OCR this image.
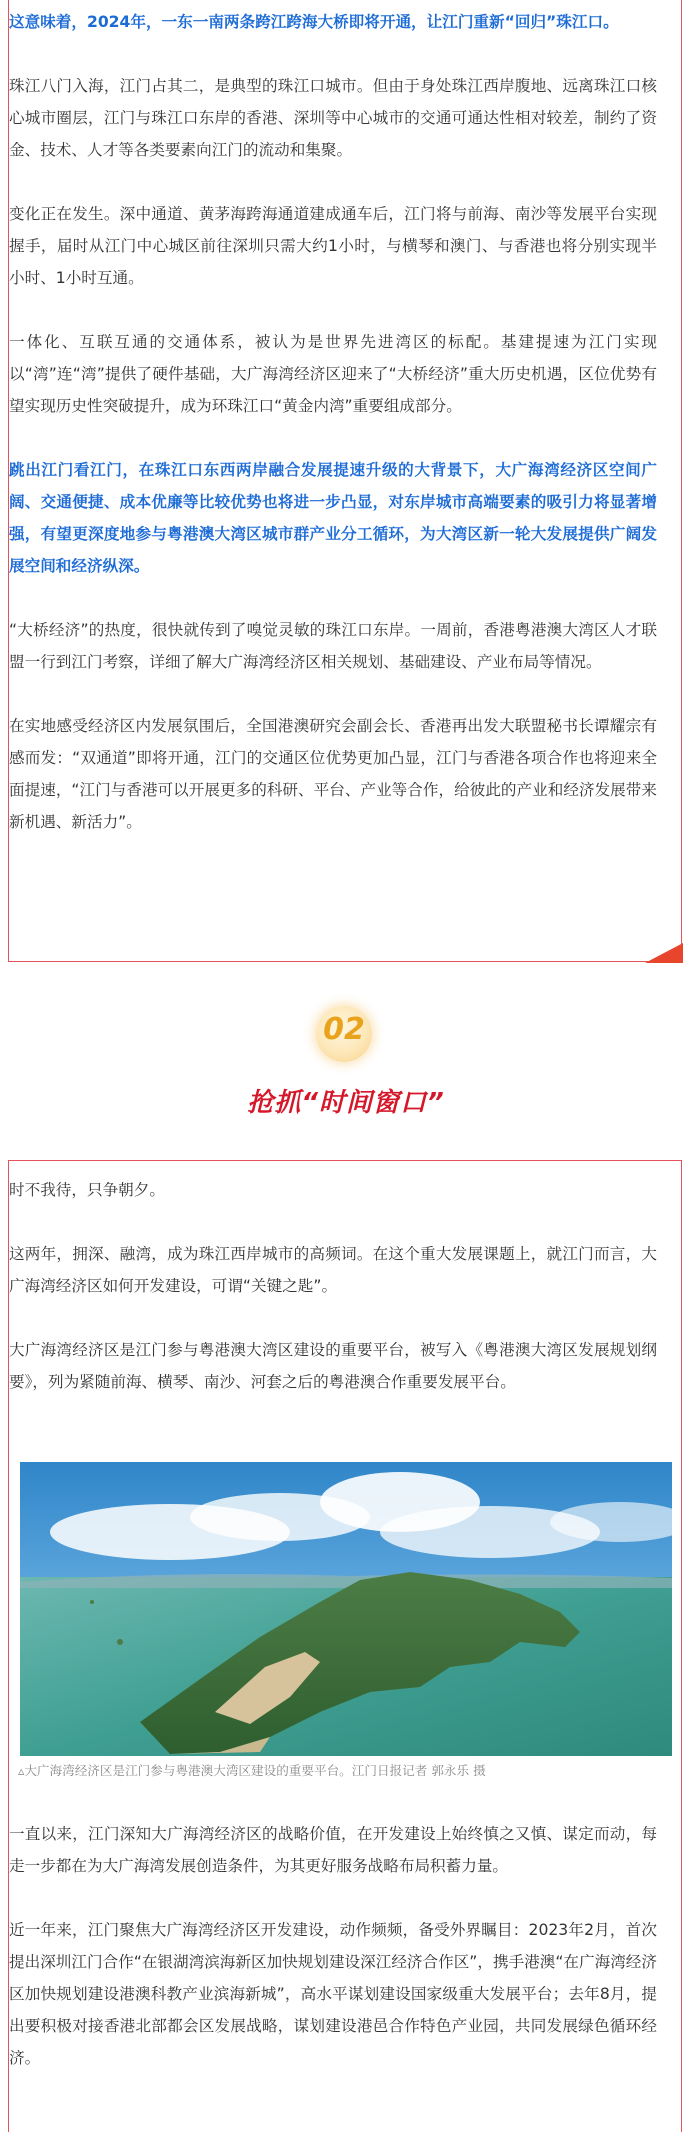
这意味着，2024年，一东一南两条跨江跨海大桥即将开通，让江门重新“回归”珠江口。

珠江八门入海，江门占其二，是典型的珠江口城市。但由于身处珠江西岸腹地、远离珠江口核心城市圈层，江门与珠江口东岸的香港、深圳等中心城市的交通可通达性相对较差，制约了资金、技术、人才等各类要素向江门的流动和集聚。

变化正在发生。深中通道、黄茅海跨海通道建成通车后，江门将与前海、南沙等发展平台实现握手，届时从江门中心城区前往深圳只需大约1小时，与横琴和澳门、与香港也将分别实现半小时、1小时互通。

一体化、互联互通的交通体系，被认为是世界先进湾区的标配。基建提速为江门实现以“湾”连“湾”提供了硬件基础，大广海湾经济区迎来了“大桥经济”重大历史机遇，区位优势有望实现历史性突破提升，成为环珠江口“黄金内湾”重要组成部分。

跳出江门看江门，在珠江口东西两岸融合发展提速升级的大背景下，大广海湾经济区空间广阔、交通便捷、成本优廉等比较优势也将进一步凸显，对东岸城市高端要素的吸引力将显著增强，有望更深度地参与粤港澳大湾区城市群产业分工循环，为大湾区新一轮大发展提供广阔发展空间和经济纵深。

“大桥经济”的热度，很快就传到了嗅觉灵敏的珠江口东岸。一周前，香港粤港澳大湾区人才联盟一行到江门考察，详细了解大广海湾经济区相关规划、基础建设、产业布局等情况。

在实地感受经济区内发展氛围后，全国港澳研究会副会长、香港再出发大联盟秘书长谭耀宗有感而发：“双通道”即将开通，江门的交通区位优势更加凸显，江门与香港各项合作也将迎来全面提速，“江门与香港可以开展更多的科研、平台、产业等合作，给彼此的产业和经济发展带来新机遇、新活力”。

02
抢抓“时间窗口”

时不我待，只争朝夕。

这两年，拥深、融湾，成为珠江西岸城市的高频词。在这个重大发展课题上，就江门而言，大广海湾经济区如何开发建设，可谓“关键之匙”。

大广海湾经济区是江门参与粤港澳大湾区建设的重要平台，被写入《粤港澳大湾区发展规划纲要》，列为紧随前海、横琴、南沙、河套之后的粤港澳合作重要发展平台。

▵大广海湾经济区是江门参与粤港澳大湾区建设的重要平台。江门日报记者 郭永乐 摄

一直以来，江门深知大广海湾经济区的战略价值，在开发建设上始终慎之又慎、谋定而动，每走一步都在为大广海湾发展创造条件，为其更好服务战略布局积蓄力量。

近一年来，江门聚焦大广海湾经济区开发建设，动作频频，备受外界瞩目：2023年2月，首次提出深圳江门合作“在银湖湾滨海新区加快规划建设深江经济合作区”，携手港澳“在广海湾经济区加快规划建设港澳科教产业滨海新城”，高水平谋划建设国家级重大发展平台；去年8月，提出要积极对接香港北部都会区发展战略，谋划建设港邑合作特色产业园，共同发展绿色循环经济。
